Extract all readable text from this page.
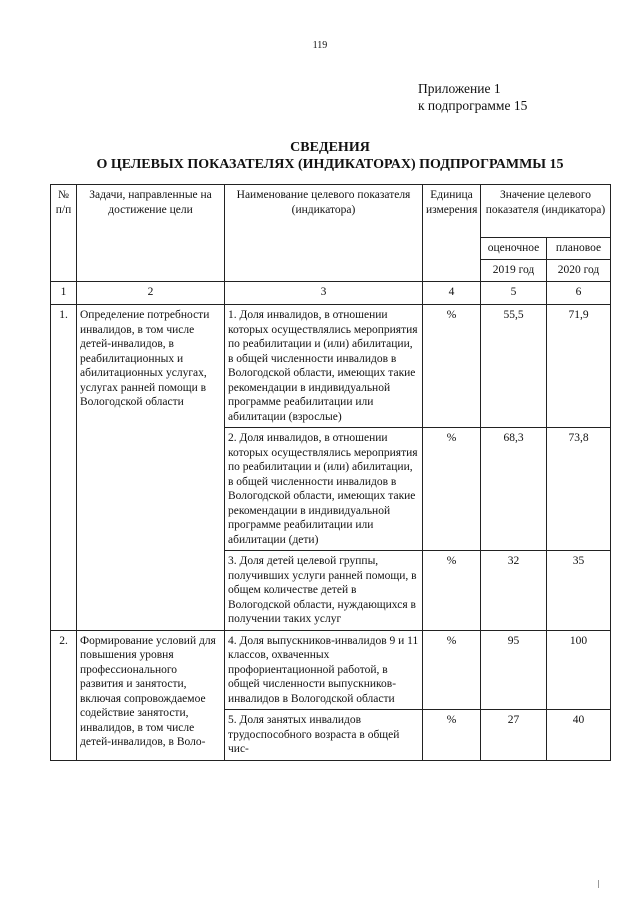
119
Приложение 1
к подпрограмме 15
СВЕДЕНИЯ
О ЦЕЛЕВЫХ ПОКАЗАТЕЛЯХ (ИНДИКАТОРАХ) ПОДПРОГРАММЫ 15
№ п/п	Задачи, направленные на достижение цели	Наименование целевого показателя (индикатора)	Единица измерения	Значение целевого показателя (индикатора)	
				оценочное	плановое
				2019 год	2020 год
1	2	3	4	5	6
1.	Определение потребности инвалидов, в том числе детей-инвалидов, в реабилитационных и абилитационных услугах, услугах ранней помощи в Вологодской области	1. Доля инвалидов, в отношении которых осуществлялись мероприятия по реабилитации и (или) абилитации, в общей численности инвалидов в Вологодской области, имеющих такие рекомендации в индивидуальной программе реабилитации или абилитации (взрослые)	%	55,5	71,9
		2. Доля инвалидов, в отношении которых осуществлялись мероприятия по реабилитации и (или) абилитации, в общей численности инвалидов в Вологодской области, имеющих такие рекомендации в индивидуальной программе реабилитации или абилитации (дети)	%	68,3	73,8
		3. Доля детей целевой группы, получивших услуги ранней помощи, в общем количестве детей в Вологодской области, нуждающихся в получении таких услуг	%	32	35
2.	Формирование условий для повышения уровня профессионального развития и занятости, включая сопровождаемое содействие занятости, инвалидов, в том числе детей-инвалидов, в Воло-	4. Доля выпускников-инвалидов 9 и 11 классов, охваченных профориентационной работой, в общей численности выпускников-инвалидов в Вологодской области	%	95	100
		5. Доля занятых инвалидов трудоспособного возраста в общей чис-	%	27	40
